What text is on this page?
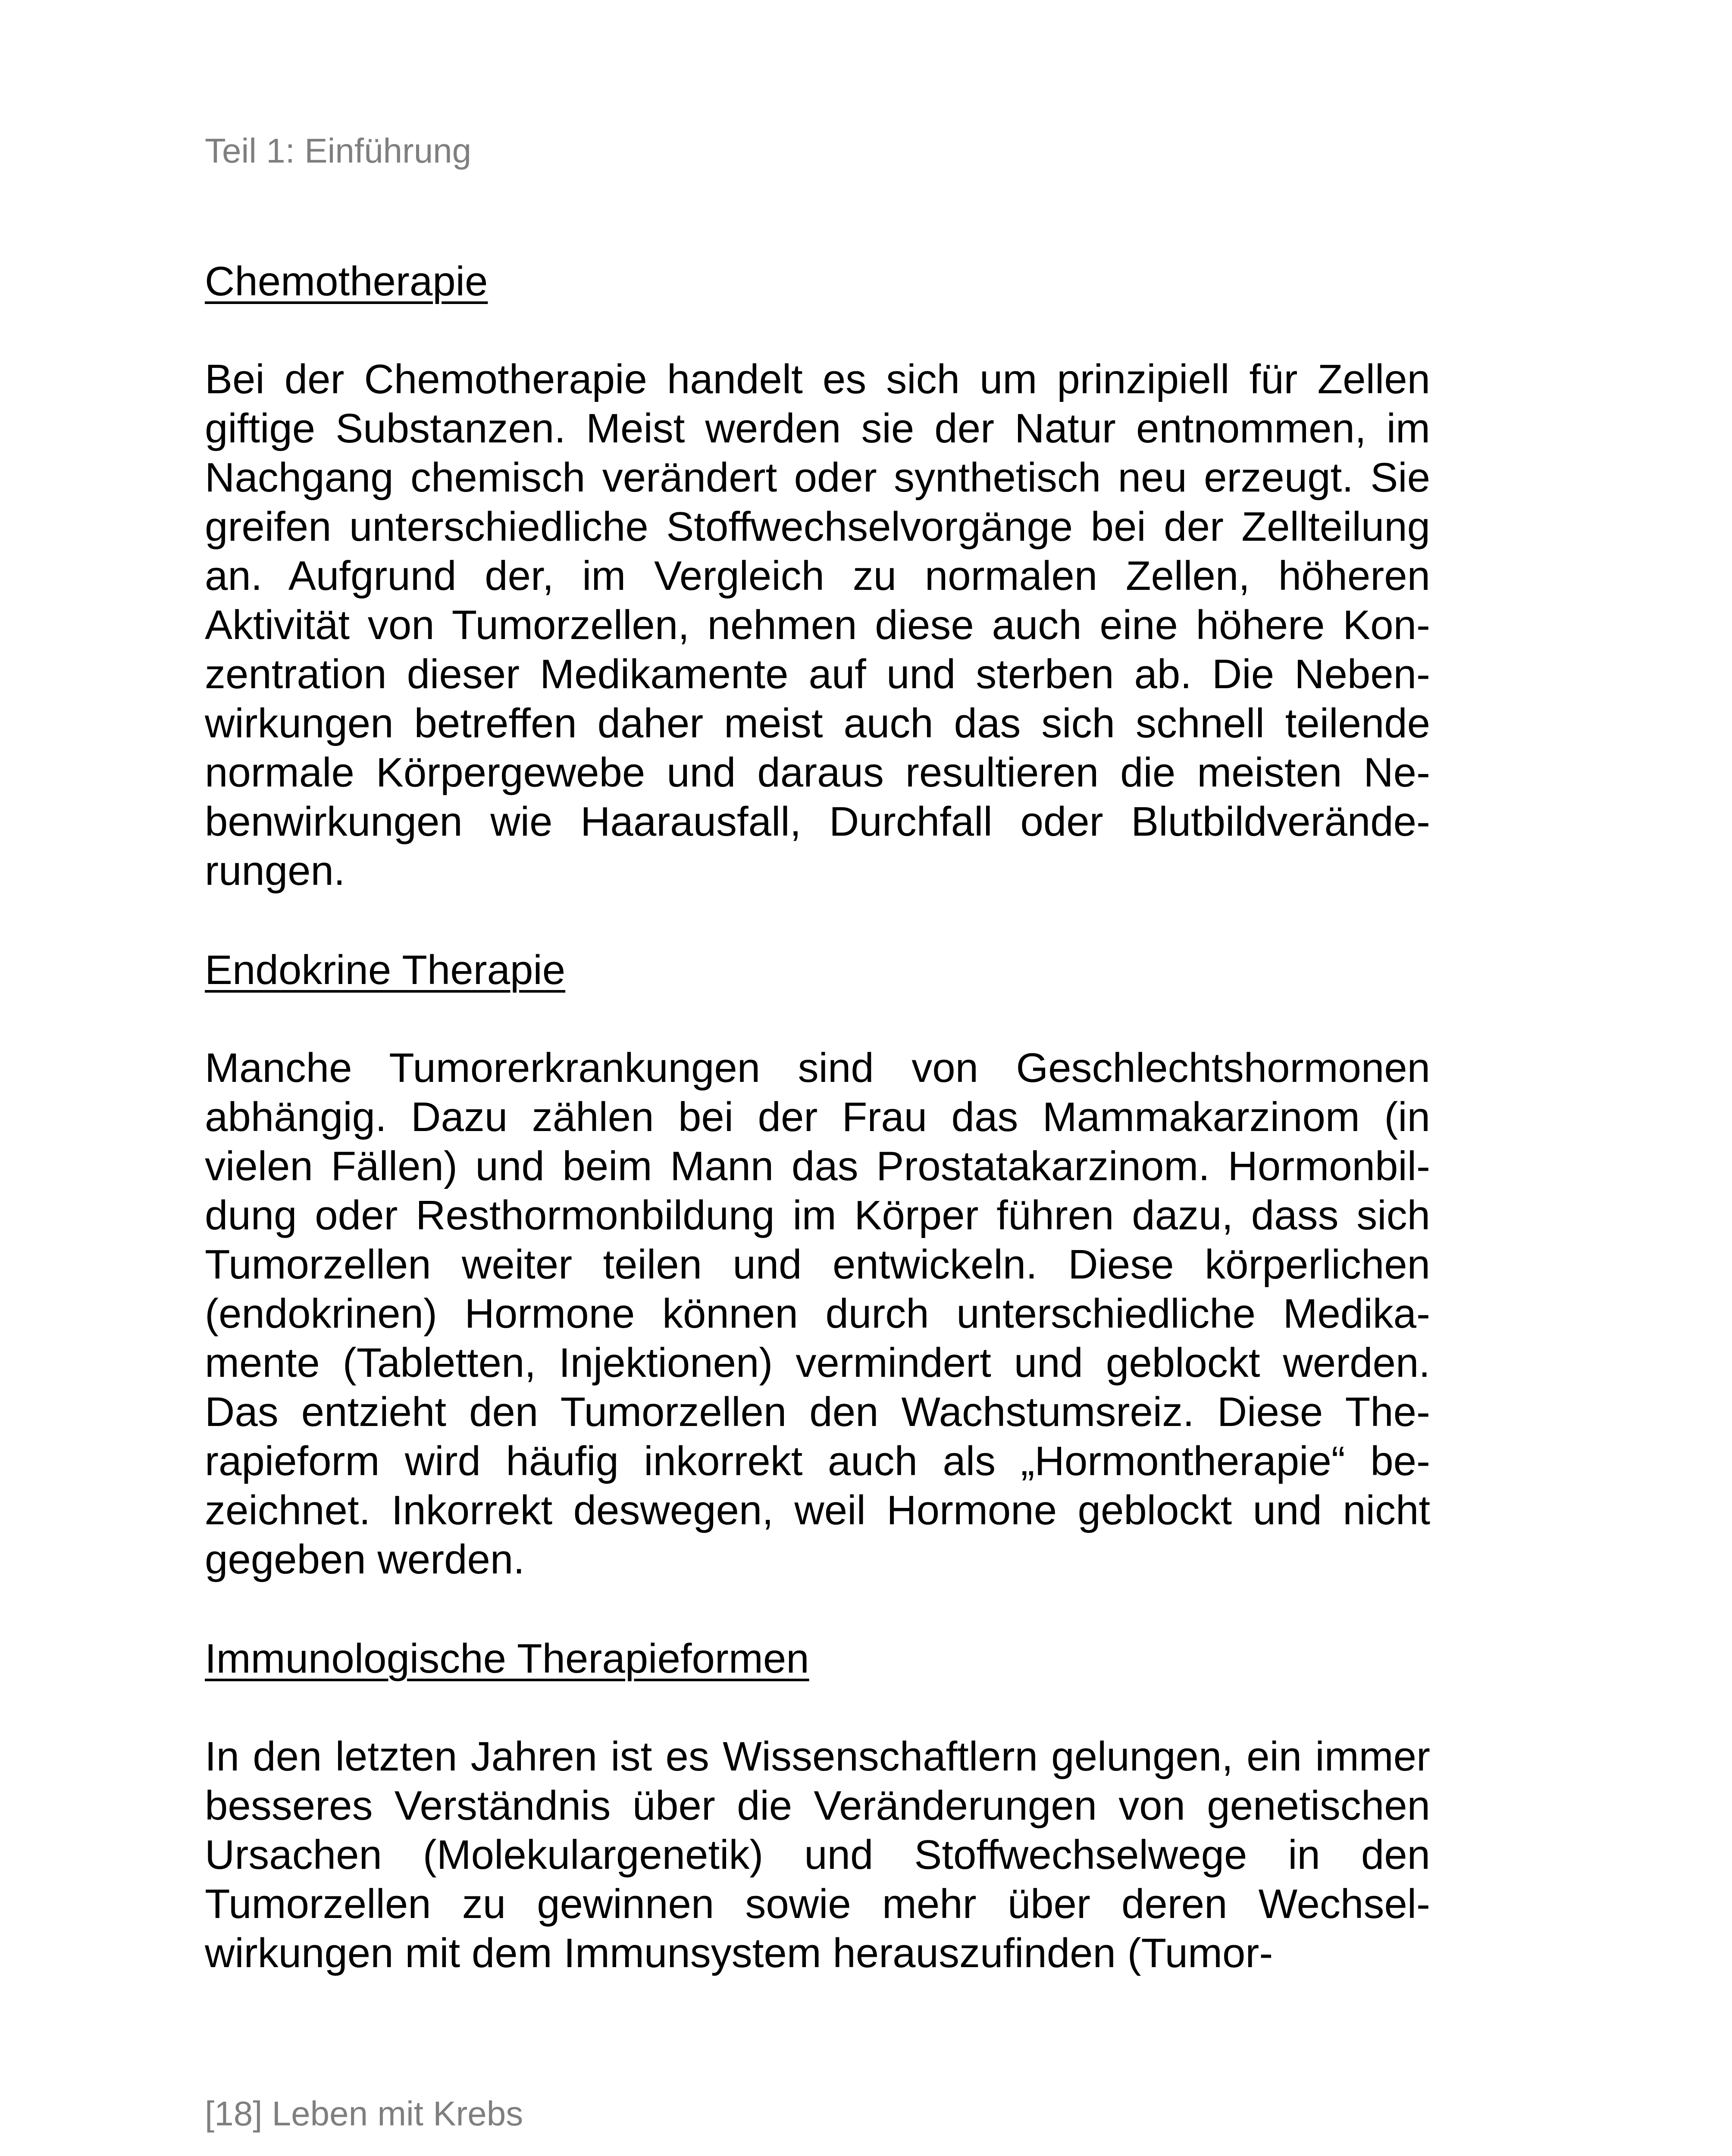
Teil 1: Einführung

Chemotherapie

Bei der Chemotherapie handelt es sich um prinzipiell für Zellen giftige Substanzen. Meist werden sie der Natur entnommen, im Nachgang chemisch verändert oder synthetisch neu erzeugt. Sie greifen unterschiedliche Stoffwechselvorgänge bei der Zellteilung an. Aufgrund der, im Vergleich zu normalen Zellen, höheren Aktivität von Tumorzellen, nehmen diese auch eine höhere Konzentration dieser Medikamente auf und sterben ab. Die Nebenwirkungen betreffen daher meist auch das sich schnell teilende normale Körpergewebe und daraus resultieren die meisten Nebenwirkungen wie Haarausfall, Durchfall oder Blutbildveränderungen.

Endokrine Therapie

Manche Tumorerkrankungen sind von Geschlechtshormonen abhängig. Dazu zählen bei der Frau das Mammakarzinom (in vielen Fällen) und beim Mann das Prostatakarzinom. Hormonbildung oder Resthormonbildung im Körper führen dazu, dass sich Tumorzellen weiter teilen und entwickeln. Diese körperlichen (endokrinen) Hormone können durch unterschiedliche Medikamente (Tabletten, Injektionen) vermindert und geblockt werden. Das entzieht den Tumorzellen den Wachstumsreiz. Diese Therapieform wird häufig inkorrekt auch als „Hormontherapie“ bezeichnet. Inkorrekt deswegen, weil Hormone geblockt und nicht gegeben werden.

Immunologische Therapieformen

In den letzten Jahren ist es Wissenschaftlern gelungen, ein immer besseres Verständnis über die Veränderungen von genetischen Ursachen (Molekulargenetik) und Stoffwechselwege in den Tumorzellen zu gewinnen sowie mehr über deren Wechselwirkungen mit dem Immunsystem herauszufinden (Tumor-

[18] Leben mit Krebs
